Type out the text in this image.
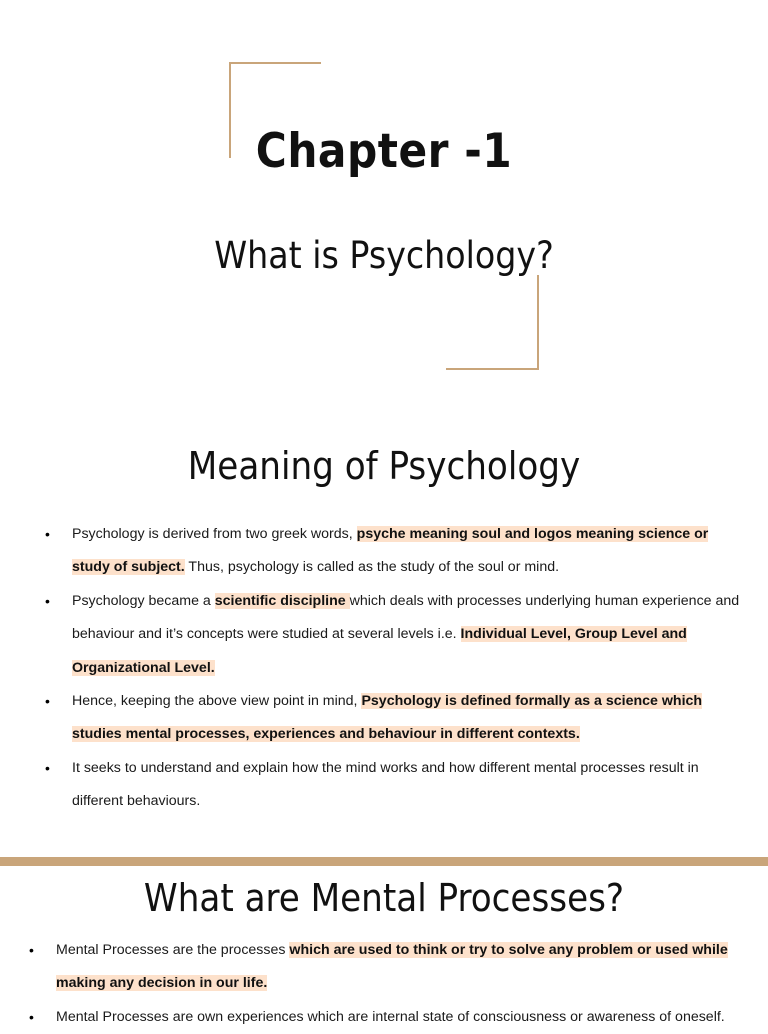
Chapter -1
What is Psychology?
Meaning of Psychology
• Psychology is derived from two greek words, psyche meaning soul and logos meaning science or study of subject. Thus, psychology is called as the study of the soul or mind.
• Psychology became a scientific discipline which deals with processes underlying human experience and behaviour and it’s concepts were studied at several levels i.e. Individual Level, Group Level and Organizational Level.
• Hence, keeping the above view point in mind, Psychology is defined formally as a science which studies mental processes, experiences and behaviour in different contexts.
• It seeks to understand and explain how the mind works and how different mental processes result in different behaviours.
What are Mental Processes?
• Mental Processes are the processes which are used to think or try to solve any problem or used while making any decision in our life.
• Mental Processes are own experiences which are internal state of consciousness or awareness of oneself.
